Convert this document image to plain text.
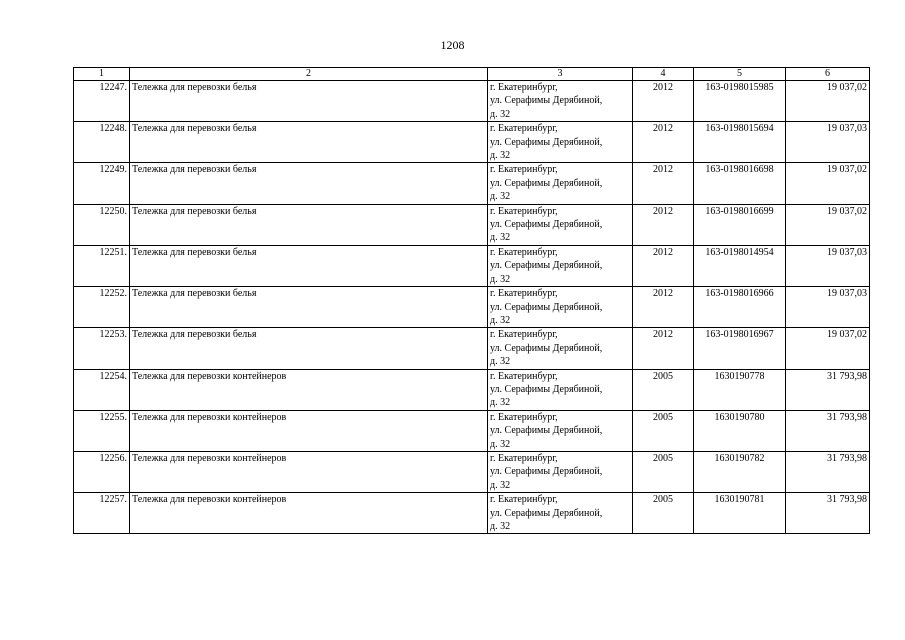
1208
1	2	3	4	5	6
12247.	Тележка для перевозки белья	г. Екатеринбург,
ул. Серафимы Дерябиной,
д. 32	2012	163-0198015985	19 037,02
12248.	Тележка для перевозки белья	г. Екатеринбург,
ул. Серафимы Дерябиной,
д. 32	2012	163-0198015694	19 037,03
12249.	Тележка для перевозки белья	г. Екатеринбург,
ул. Серафимы Дерябиной,
д. 32	2012	163-0198016698	19 037,02
12250.	Тележка для перевозки белья	г. Екатеринбург,
ул. Серафимы Дерябиной,
д. 32	2012	163-0198016699	19 037,02
12251.	Тележка для перевозки белья	г. Екатеринбург,
ул. Серафимы Дерябиной,
д. 32	2012	163-0198014954	19 037,03
12252.	Тележка для перевозки белья	г. Екатеринбург,
ул. Серафимы Дерябиной,
д. 32	2012	163-0198016966	19 037,03
12253.	Тележка для перевозки белья	г. Екатеринбург,
ул. Серафимы Дерябиной,
д. 32	2012	163-0198016967	19 037,02
12254.	Тележка для перевозки контейнеров	г. Екатеринбург,
ул. Серафимы Дерябиной,
д. 32	2005	1630190778	31 793,98
12255.	Тележка для перевозки контейнеров	г. Екатеринбург,
ул. Серафимы Дерябиной,
д. 32	2005	1630190780	31 793,98
12256.	Тележка для перевозки контейнеров	г. Екатеринбург,
ул. Серафимы Дерябиной,
д. 32	2005	1630190782	31 793,98
12257.	Тележка для перевозки контейнеров	г. Екатеринбург,
ул. Серафимы Дерябиной,
д. 32	2005	1630190781	31 793,98
